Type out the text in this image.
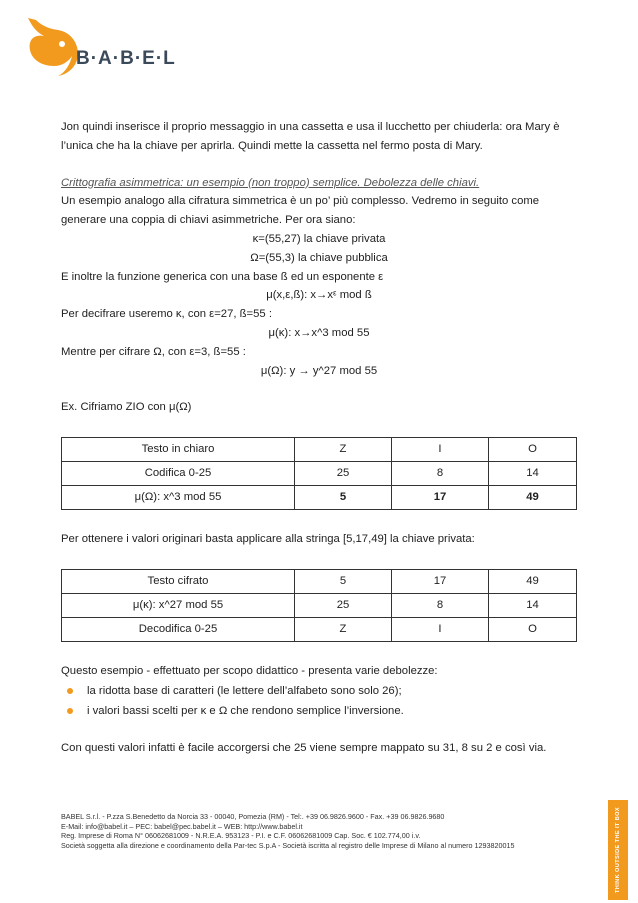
B·A·B·E·L

Jon quindi inserisce il proprio messaggio in una cassetta e usa il lucchetto per chiuderla: ora Mary è

l’unica che ha la chiave per aprirla. Quindi mette la cassetta nel fermo posta di Mary.

Crittografia asimmetrica: un esempio (non troppo) semplice. Debolezza delle chiavi.

Un esempio analogo alla cifratura simmetrica è un po’ più complesso. Vedremo in seguito come

generare una coppia di chiavi asimmetriche. Per ora siano:

κ=(55,27) la chiave privata

Ω=(55,3) la chiave pubblica

E inoltre la funzione generica con una base ß ed un esponente ε

μ(x,ε,ß): x→xᵋ mod ß

Per decifrare useremo κ, con ε=27, ß=55 :

μ(κ): x→x^3 mod 55

Mentre per cifrare Ω, con ε=3, ß=55 :

μ(Ω): y → y^27 mod 55

Ex. Cifriamo ZIO con μ(Ω)

Testo in chiaro	Z	I	O
Codifica 0-25	25	8	14
μ(Ω): x^3 mod 55	5	17	49

Per ottenere i valori originari basta applicare alla stringa [5,17,49] la chiave privata:

Testo cifrato	5	17	49
μ(κ): x^27 mod 55	25	8	14
Decodifica 0-25	Z	I	O

Questo esempio - effettuato per scopo didattico - presenta varie debolezze:

la ridotta base di caratteri (le lettere dell’alfabeto sono solo 26);
i valori bassi scelti per κ e Ω che rendono semplice l’inversione.

Con questi valori infatti è facile accorgersi che 25 viene sempre mappato su 31, 8 su 2 e così via.

BABEL S.r.l. - P.zza S.Benedetto da Norcia 33 - 00040, Pomezia (RM) - Tel:. +39 06.9826.9600 - Fax. +39 06.9826.9680
E-Mail: info@babel.it – PEC: babel@pec.babel.it – WEB: http://www.babel.it
Reg. Imprese di Roma N° 06062681009 - N.R.E.A. 953123 - P.I. e C.F. 06062681009 Cap. Soc. € 102.774,00 i.v.
Società soggetta alla direzione e coordinamento della Par-tec S.p.A - Società iscritta al registro delle Imprese di Milano al numero 1293820015	THINK OUTSIDE THE IT BOX
